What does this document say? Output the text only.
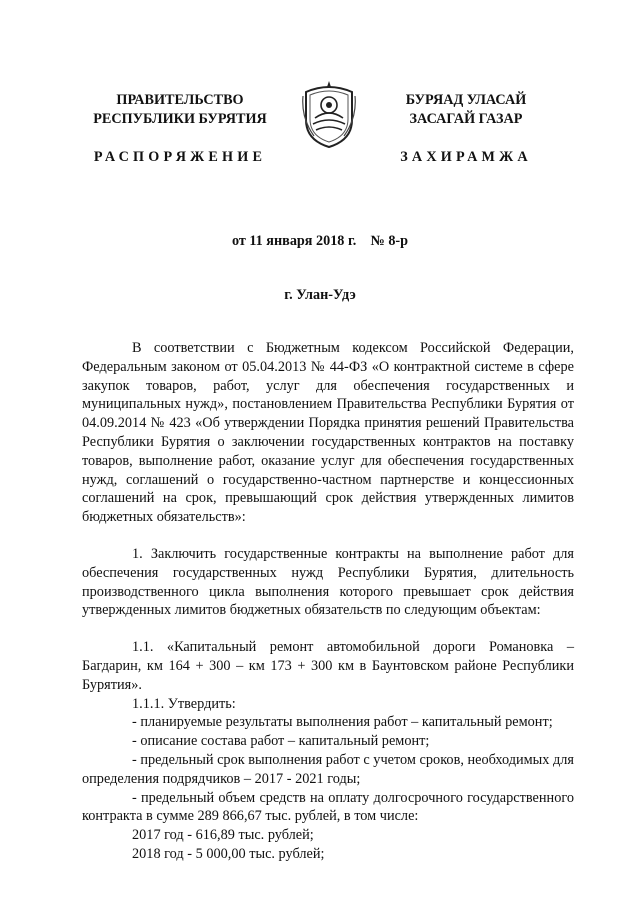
ПРАВИТЕЛЬСТВО
РЕСПУБЛИКИ БУРЯТИЯ
РАСПОРЯЖЕНИЕ
БУРЯАД УЛАСАЙ
ЗАСАГАЙ ГАЗАР
ЗАХИРАМЖА
от 11 января 2018 г.    № 8-р
г. Улан-Удэ

В соответствии с Бюджетным кодексом Российской Федерации, Федеральным законом от 05.04.2013 № 44-ФЗ «О контрактной системе в сфере закупок товаров, работ, услуг для обеспечения государственных и муниципальных нужд», постановлением Правительства Республики Бурятия от 04.09.2014 № 423 «Об утверждении Порядка принятия решений Правительства Республики Бурятия о заключении государственных контрактов на поставку товаров, выполнение работ, оказание услуг для обеспечения государственных нужд, соглашений о государственно-частном партнерстве и концессионных соглашений на срок, превышающий срок действия утвержденных лимитов бюджетных обязательств»:

1. Заключить государственные контракты на выполнение работ для обеспечения государственных нужд Республики Бурятия, длительность производственного цикла выполнения которого превышает срок действия утвержденных лимитов бюджетных обязательств по следующим объектам:

1.1. «Капитальный ремонт автомобильной дороги Романовка – Багдарин, км 164 + 300 – км 173 + 300 км в Баунтовском районе Республики Бурятия».

1.1.1. Утвердить:

- планируемые результаты выполнения работ – капитальный ремонт;

- описание состава работ – капитальный ремонт;

- предельный срок выполнения работ с учетом сроков, необходимых для определения подрядчиков – 2017 - 2021 годы;

- предельный объем средств на оплату долгосрочного государственного контракта в сумме 289 866,67 тыс. рублей, в том числе:

2017 год - 616,89 тыс. рублей;

2018 год - 5 000,00 тыс. рублей;
